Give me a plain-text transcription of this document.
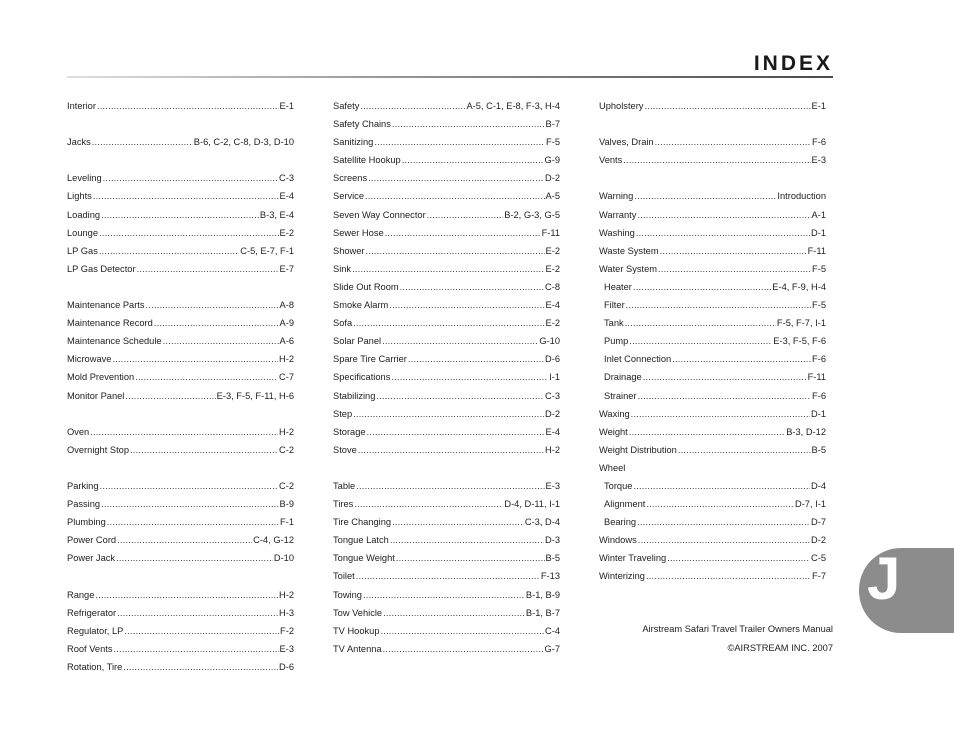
INDEX
Interior .....	E-1
Jacks .....	B-6, C-2, C-8, D-3, D-10
Leveling .....	C-3
Lights .....	E-4
Loading .....	B-3, E-4
Lounge .....	E-2
LP Gas .....	C-5, E-7, F-1
LP Gas Detector .....	E-7
Maintenance Parts .....	A-8
Maintenance Record .....	A-9
Maintenance Schedule .....	A-6
Microwave .....	H-2
Mold Prevention .....	C-7
Monitor Panel .....	E-3, F-5, F-11, H-6
Oven .....	H-2
Overnight Stop .....	C-2
Parking .....	C-2
Passing .....	B-9
Plumbing .....	F-1
Power Cord .....	C-4, G-12
Power Jack .....	D-10
Range .....	H-2
Refrigerator .....	H-3
Regulator, LP .....	F-2
Roof Vents .....	E-3
Rotation, Tire .....	D-6
Safety .....	A-5, C-1, E-8, F-3, H-4
Safety Chains .....	B-7
Sanitizing .....	F-5
Satellite Hookup .....	G-9
Screens .....	D-2
Service .....	A-5
Seven Way Connector .....	B-2, G-3, G-5
Sewer Hose .....	F-11
Shower .....	E-2
Sink .....	E-2
Slide Out Room .....	C-8
Smoke Alarm .....	E-4
Sofa .....	E-2
Solar Panel .....	G-10
Spare Tire Carrier .....	D-6
Specifications .....	I-1
Stabilizing .....	C-3
Step .....	D-2
Storage .....	E-4
Stove .....	H-2
Table .....	E-3
Tires .....	D-4, D-11, I-1
Tire Changing .....	C-3, D-4
Tongue Latch .....	D-3
Tongue Weight .....	B-5
Toilet .....	F-13
Towing .....	B-1, B-9
Tow Vehicle .....	B-1, B-7
TV Hookup .....	C-4
TV Antenna .....	G-7
Upholstery .....	E-1
Valves, Drain .....	F-6
Vents .....	E-3
Warning .....	Introduction
Warranty .....	A-1
Washing .....	D-1
Waste System .....	F-11
Water System .....	F-5
Heater .....	E-4, F-9, H-4
Filter .....	F-5
Tank .....	F-5, F-7, I-1
Pump .....	E-3, F-5, F-6
Inlet Connection .....	F-6
Drainage .....	F-11
Strainer .....	F-6
Waxing .....	D-1
Weight .....	B-3, D-12
Weight Distribution .....	B-5
Wheel
Torque .....	D-4
Alignment .....	D-7, I-1
Bearing .....	D-7
Windows .....	D-2
Winter Traveling .....	C-5
Winterizing .....	F-7
Airstream Safari Travel Trailer Owners Manual
©AIRSTREAM INC. 2007
J
